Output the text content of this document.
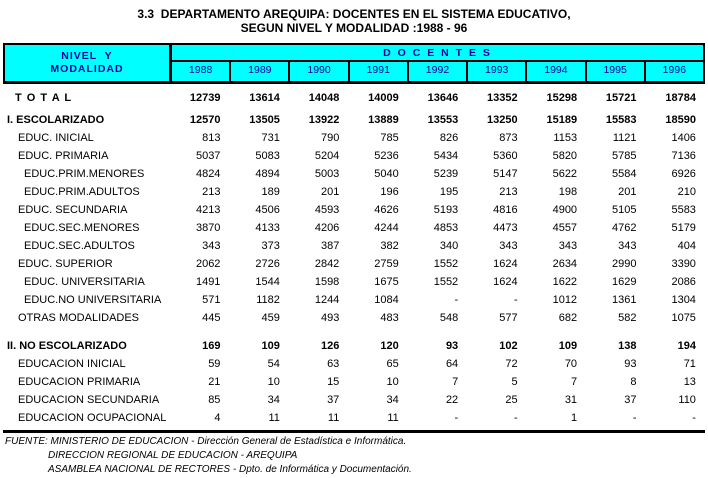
3.3  DEPARTAMENTO AREQUIPA: DOCENTES EN EL SISTEMA EDUCATIVO,
SEGUN NIVEL Y MODALIDAD :1988 - 96
NIVEL  Y
MODALIDAD
D O C E N T E S
1988	1989	1990	1991	1992	1993	1994	1995	1996
T O T A L	12739	13614	14048	14009	13646	13352	15298	15721	18784
I. ESCOLARIZADO	12570	13505	13922	13889	13553	13250	15189	15583	18590
EDUC. INICIAL	813	731	790	785	826	873	1153	1121	1406
EDUC. PRIMARIA	5037	5083	5204	5236	5434	5360	5820	5785	7136
EDUC.PRIM.MENORES	4824	4894	5003	5040	5239	5147	5622	5584	6926
EDUC.PRIM.ADULTOS	213	189	201	196	195	213	198	201	210
EDUC. SECUNDARIA	4213	4506	4593	4626	5193	4816	4900	5105	5583
EDUC.SEC.MENORES	3870	4133	4206	4244	4853	4473	4557	4762	5179
EDUC.SEC.ADULTOS	343	373	387	382	340	343	343	343	404
EDUC. SUPERIOR	2062	2726	2842	2759	1552	1624	2634	2990	3390
EDUC. UNIVERSITARIA	1491	1544	1598	1675	1552	1624	1622	1629	2086
EDUC.NO UNIVERSITARIA	571	1182	1244	1084	-	-	1012	1361	1304
OTRAS MODALIDADES	445	459	493	483	548	577	682	582	1075
II. NO ESCOLARIZADO	169	109	126	120	93	102	109	138	194
EDUCACION INICIAL	59	54	63	65	64	72	70	93	71
EDUCACION PRIMARIA	21	10	15	10	7	5	7	8	13
EDUCACION SECUNDARIA	85	34	37	34	22	25	31	37	110
EDUCACION OCUPACIONAL	4	11	11	11	-	-	1	-	-
FUENTE: MINISTERIO DE EDUCACION - Dirección General de Estadística e Informática.
DIRECCION REGIONAL DE EDUCACION - AREQUIPA
ASAMBLEA NACIONAL DE RECTORES - Dpto. de Informática y Documentación.
